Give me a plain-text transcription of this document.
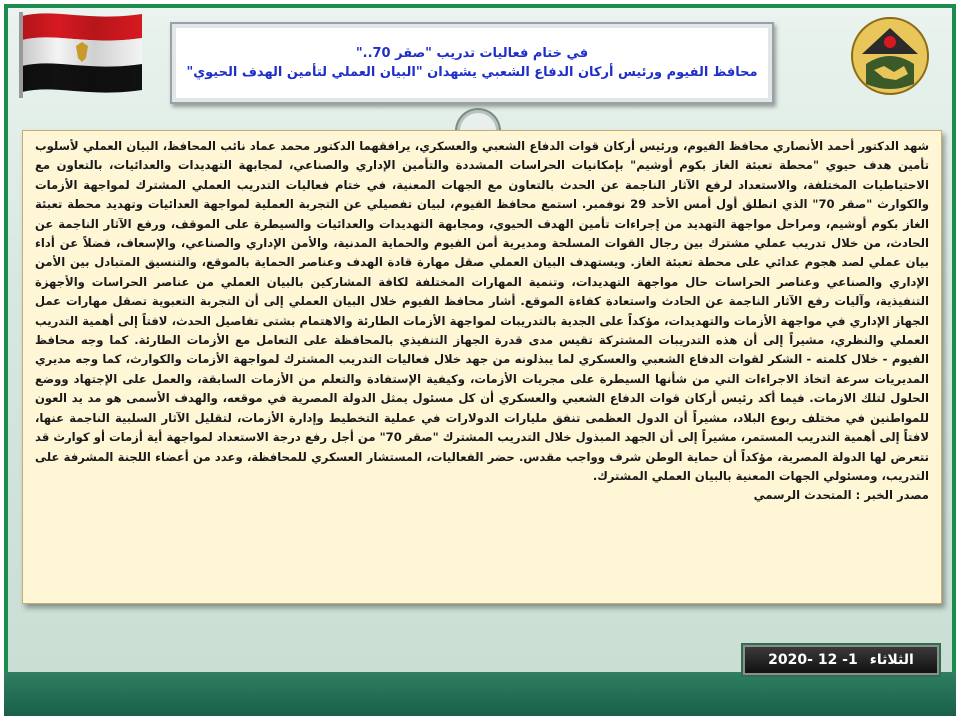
في ختام فعاليات تدريب "صقر 70.."
محافظ الفيوم ورئيس أركان الدفاع الشعبي يشهدان "البيان العملي لتأمين الهدف الحيوي"

شهد الدكتور أحمد الأنصاري محافظ الفيوم، ورئيس أركان قوات الدفاع الشعبي والعسكري، يرافقهما الدكتور محمد عماد نائب المحافظ، البيان العملي لأسلوب تأمين هدف حيوي "محطة تعبئة الغاز بكوم أوشيم" بإمكانيات الحراسات المشددة والتأمين الإداري والصناعي، لمجابهة التهديدات والعدائيات، بالتعاون مع الاحتياطيات المختلفة، والاستعداد لرفع الآثار الناجمة عن الحدث بالتعاون مع الجهات المعنية، في ختام فعاليات التدريب العملي المشترك لمواجهة الأزمات والكوارث "صقر 70" الذي انطلق أول أمس الأحد 29 نوفمبر. استمع محافظ الفيوم، لبيان تفصيلي عن التجربة العملية لمواجهة العدائيات وتهديد محطة تعبئة الغاز بكوم أوشيم، ومراحل مواجهة التهديد من إجراءات تأمين الهدف الحيوي، ومجابهة التهديدات والعدائيات والسيطرة على الموقف، ورفع الآثار الناجمة عن الحادث، من خلال تدريب عملي مشترك بين رجال القوات المسلحة ومديرية أمن الفيوم والحماية المدنية، والأمن الإداري والصناعي، والإسعاف، فضلاً عن أداء بيان عملي لصد هجوم عدائي على محطة تعبئة الغاز. ويستهدف البيان العملي صقل مهارة قادة الهدف وعناصر الحماية بالموقع، والتنسيق المتبادل بين الأمن الإداري والصناعي وعناصر الحراسات حال مواجهة التهديدات، وتنمية المهارات المختلفة لكافة المشاركين بالبيان العملي من عناصر الحراسات والأجهزة التنفيذية، وآليات رفع الآثار الناجمة عن الحادث واستعادة كفاءة الموقع. أشار محافظ الفيوم خلال البيان العملي إلى أن التجربة التعبوية تصقل مهارات عمل الجهاز الإداري في مواجهة الأزمات والتهديدات، مؤكداً على الجدية بالتدريبات لمواجهة الأزمات الطارئة والاهتمام بشتى تفاصيل الحدث، لافتاً إلى أهمية التدريب العملي والنظري، مشيراً إلى أن هذه التدريبات المشتركة تقيس مدى قدرة الجهاز التنفيذي بالمحافظة على التعامل مع الأزمات الطارئة. كما وجه محافظ الفيوم - خلال كلمته - الشكر لقوات الدفاع الشعبي والعسكري لما يبذلونه من جهد خلال فعاليات التدريب المشترك لمواجهة الأزمات والكوارث، كما وجه مديري المديريات سرعة اتخاذ الاجراءات التي من شأنها السيطرة على مجريات الأزمات، وكيفية الإستفادة والتعلم من الأزمات السابقة، والعمل على الإجتهاد ووضع الحلول لتلك الازمات. فيما أكد رئيس أركان قوات الدفاع الشعبي والعسكري أن كل مسئول يمثل الدولة المصرية في موقعه، والهدف الأسمى هو مد يد العون للمواطنين في مختلف ربوع البلاد، مشيراً أن الدول العظمى تنفق مليارات الدولارات في عملية التخطيط وإدارة الأزمات، لتقليل الآثار السلبية الناجمة عنها، لافتاً إلى أهمية التدريب المستمر، مشيراً إلى أن الجهد المبذول خلال التدريب المشترك "صقر 70" من أجل رفع درجة الاستعداد لمواجهة أية أزمات أو كوارث قد تتعرض لها الدولة المصرية، مؤكداً أن حماية الوطن شرف وواجب مقدس. حضر الفعاليات، المستشار العسكري للمحافظة، وعدد من أعضاء اللجنة المشرفة على التدريب، ومسئولي الجهات المعنية بالبيان العملي المشترك.

مصدر الخبر : المتحدث الرسمي

الثلاثاء
1- 12 -2020
